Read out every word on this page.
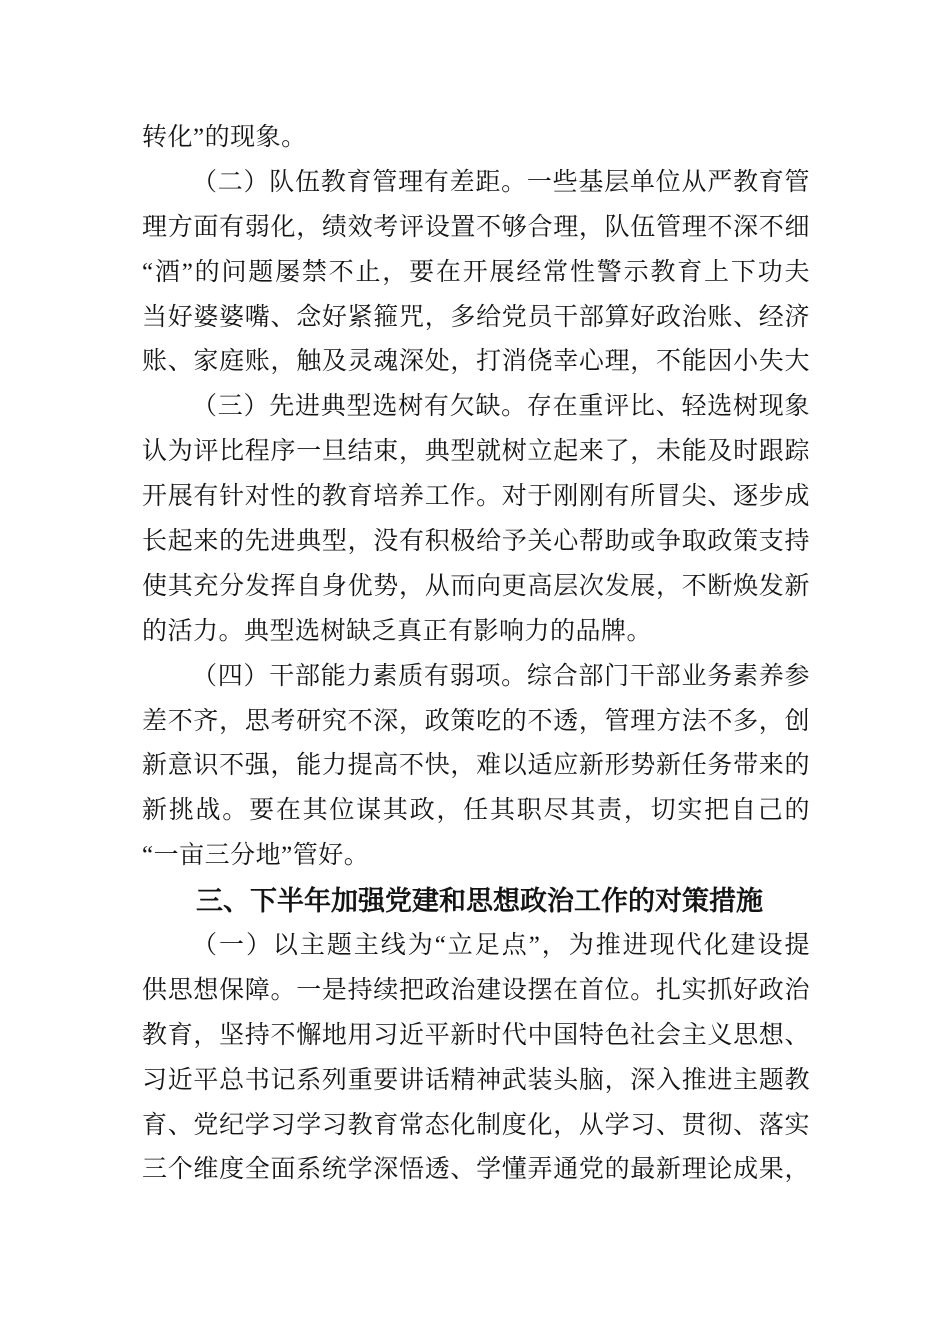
转化”的现象。
（二）队伍教育管理有差距。一些基层单位从严教育管
理方面有弱化，绩效考评设置不够合理，队伍管理不深不细
“酒”的问题屡禁不止，要在开展经常性警示教育上下功夫
当好婆婆嘴、念好紧箍咒，多给党员干部算好政治账、经济
账、家庭账，触及灵魂深处，打消侥幸心理，不能因小失大
（三）先进典型选树有欠缺。存在重评比、轻选树现象
认为评比程序一旦结束，典型就树立起来了，未能及时跟踪
开展有针对性的教育培养工作。对于刚刚有所冒尖、逐步成
长起来的先进典型，没有积极给予关心帮助或争取政策支持
使其充分发挥自身优势，从而向更高层次发展，不断焕发新
的活力。典型选树缺乏真正有影响力的品牌。
（四）干部能力素质有弱项。综合部门干部业务素养参
差不齐，思考研究不深，政策吃的不透，管理方法不多，创
新意识不强，能力提高不快，难以适应新形势新任务带来的
新挑战。要在其位谋其政，任其职尽其责，切实把自己的
“一亩三分地”管好。
三、下半年加强党建和思想政治工作的对策措施
（一）以主题主线为“立足点”，为推进现代化建设提
供思想保障。一是持续把政治建设摆在首位。扎实抓好政治
教育，坚持不懈地用习近平新时代中国特色社会主义思想、
习近平总书记系列重要讲话精神武装头脑，深入推进主题教
育、党纪学习学习教育常态化制度化，从学习、贯彻、落实
三个维度全面系统学深悟透、学懂弄通党的最新理论成果，
